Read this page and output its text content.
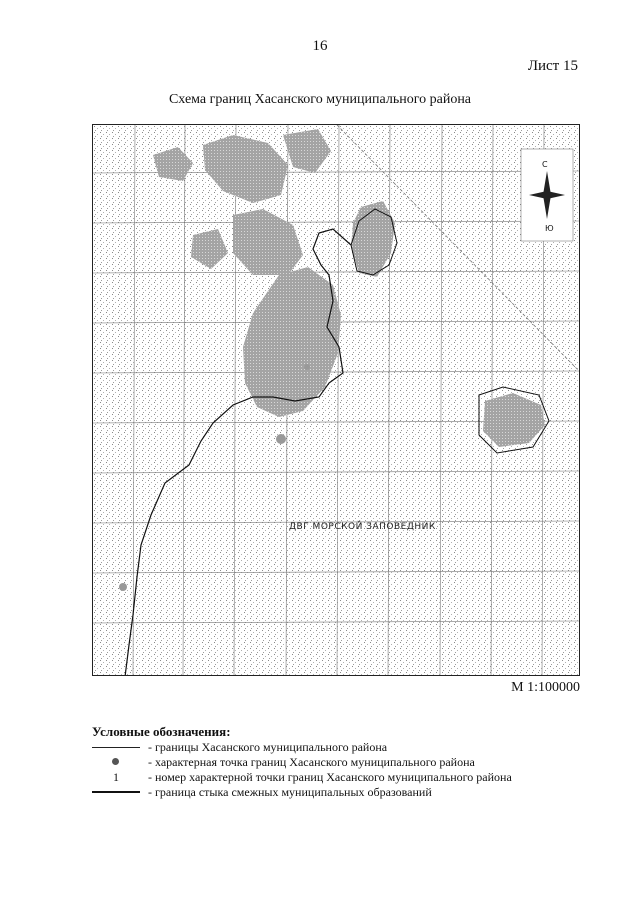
16
Лист 15
Схема границ Хасанского муниципального района
С
Ю
ДВГ МОРСКОЙ ЗАПОВЕДНИК
М 1:100000
Условные обозначения:
- границы Хасанского муниципального района
- характерная точка границ Хасанского муниципального района
1	- номер характерной точки границ Хасанского муниципального района
- граница стыка смежных муниципальных образований
